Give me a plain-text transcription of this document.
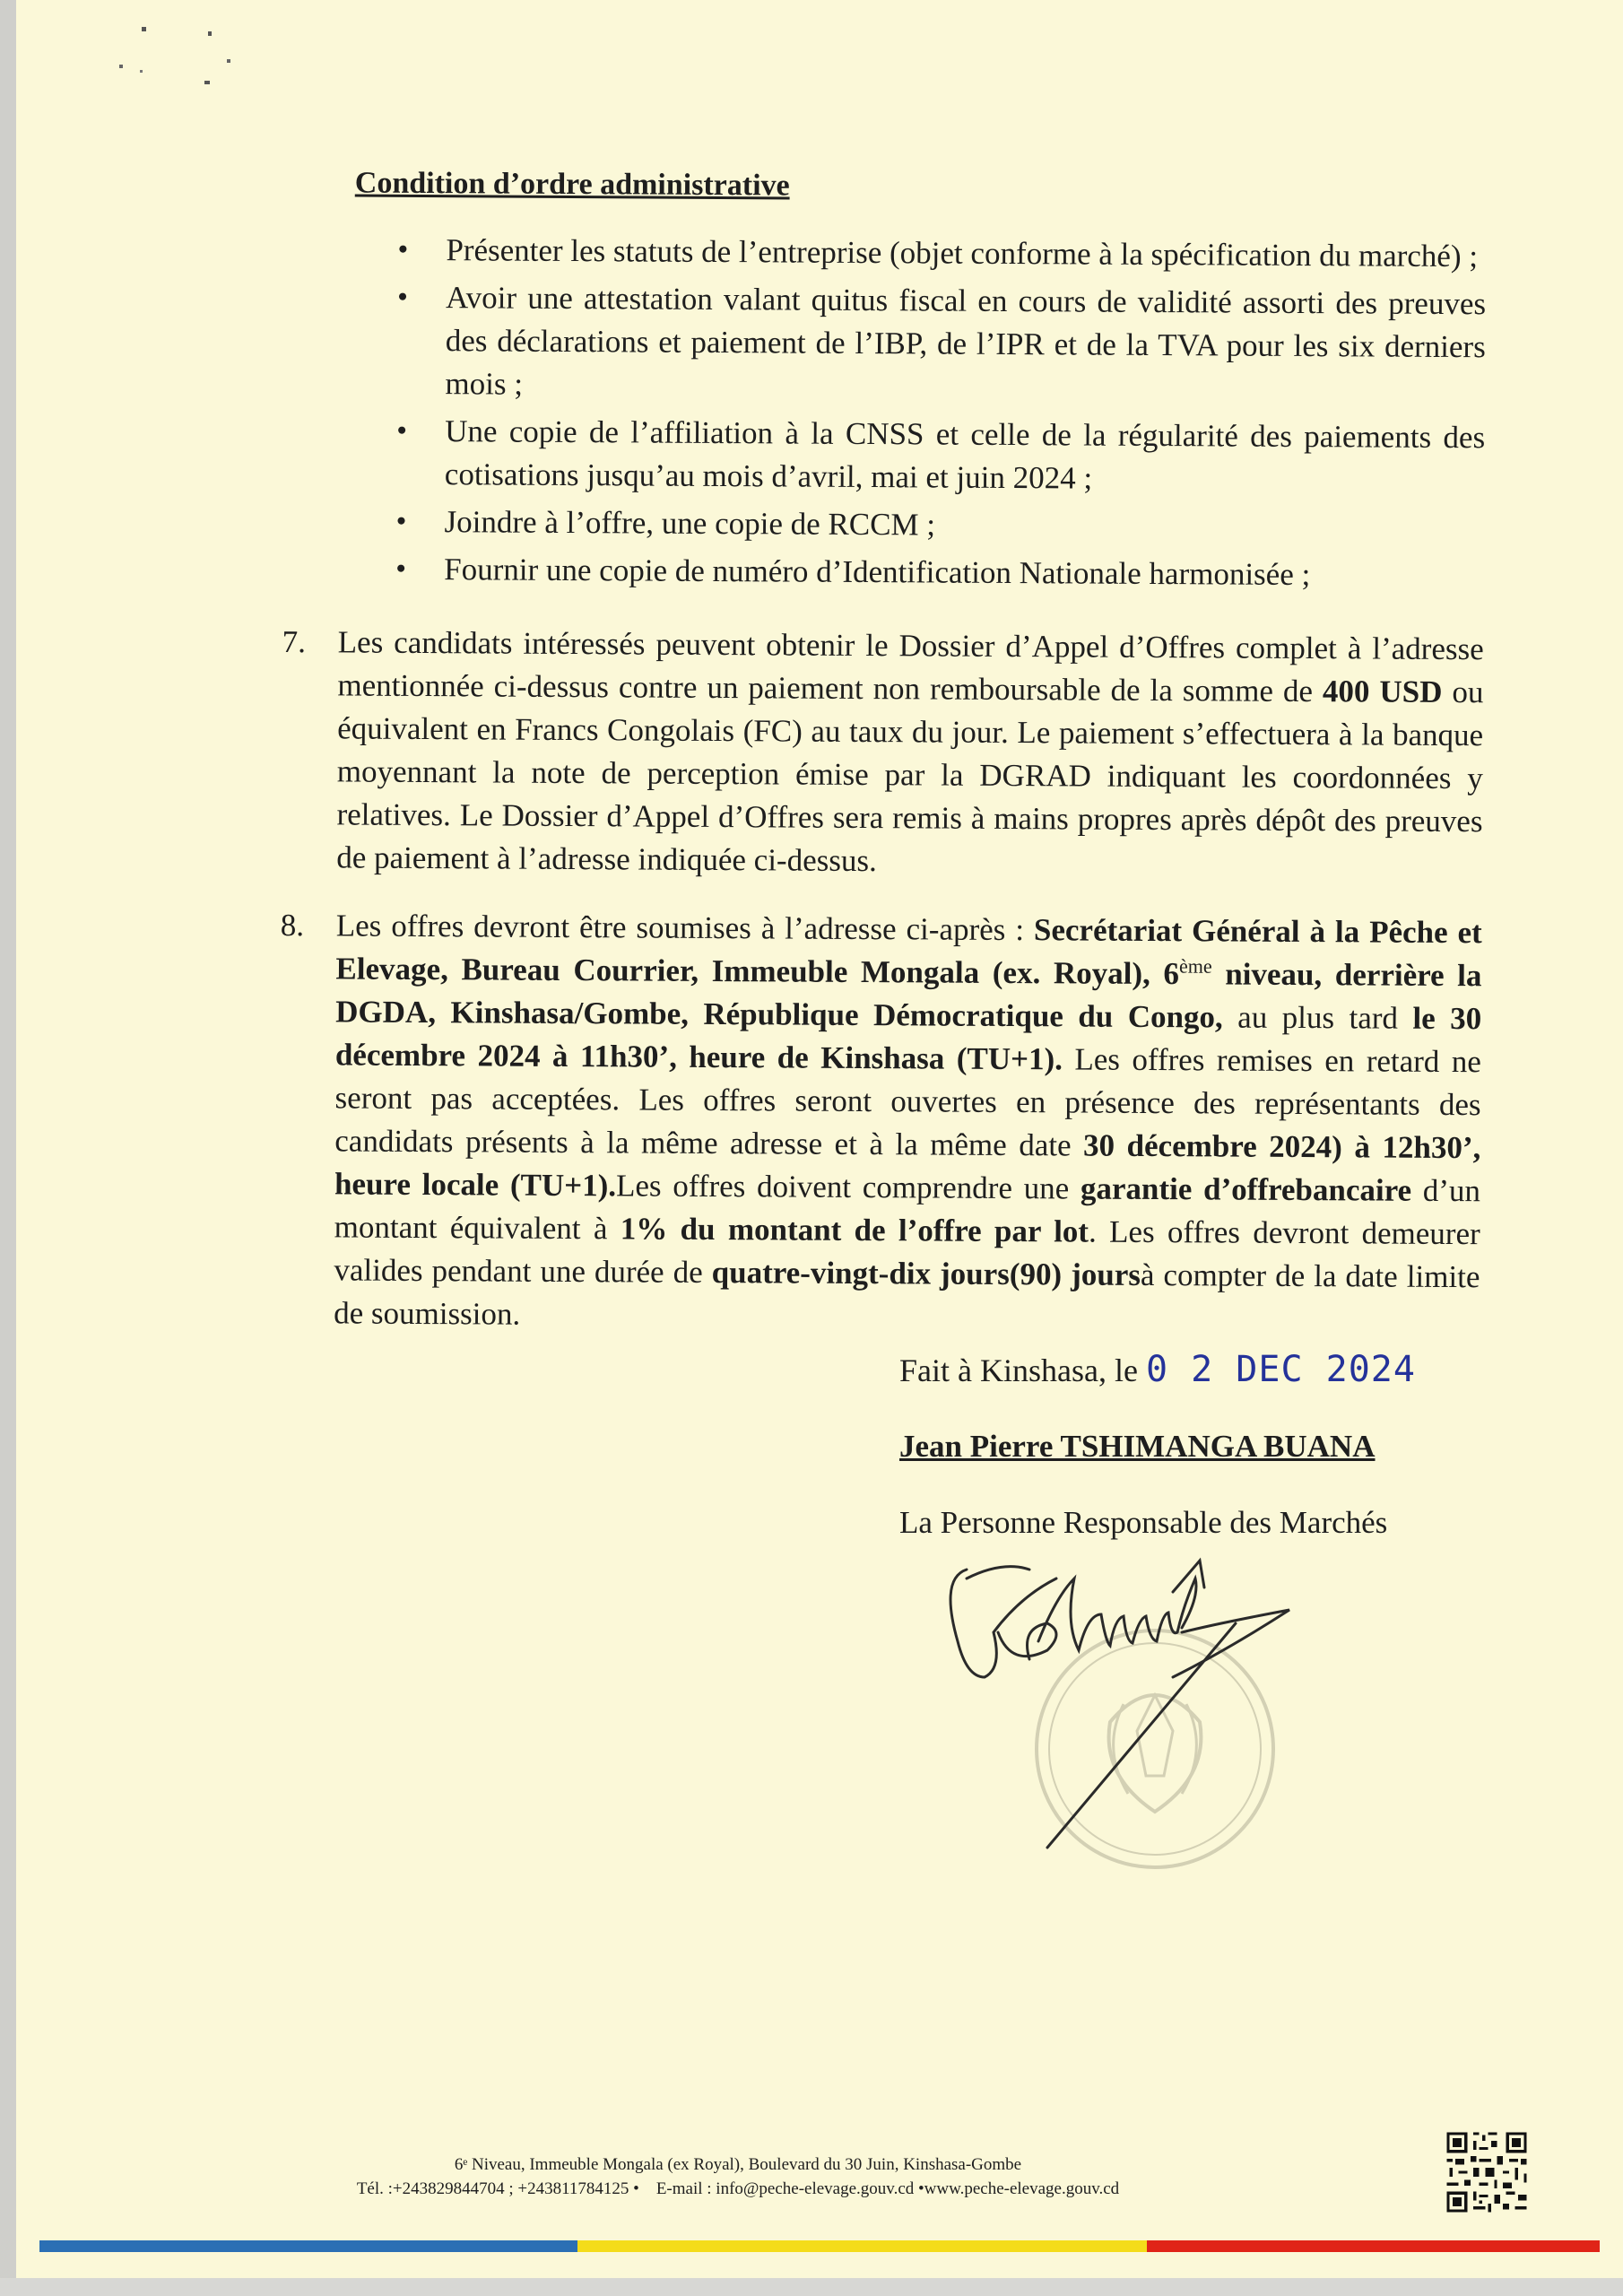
Condition d’ordre administrative
• Présenter les statuts de l’entreprise (objet conforme à la spécification du marché) ;
• Avoir une attestation valant quitus fiscal en cours de validité assorti des preuves des déclarations et paiement de l’IBP, de l’IPR et de la TVA pour les six derniers mois ;
• Une copie de l’affiliation à la CNSS et celle de la régularité des paiements des cotisations jusqu’au mois d’avril, mai et juin 2024 ;
• Joindre à l’offre, une copie de RCCM ;
• Fournir une copie de numéro d’Identification Nationale harmonisée ;
7. Les candidats intéressés peuvent obtenir le Dossier d’Appel d’Offres complet à l’adresse mentionnée ci-dessus contre un paiement non remboursable de la somme de 400 USD ou équivalent en Francs Congolais (FC) au taux du jour. Le paiement s’effectuera à la banque moyennant la note de perception émise par la DGRAD indiquant les coordonnées y relatives. Le Dossier d’Appel d’Offres sera remis à mains propres après dépôt des preuves de paiement à l’adresse indiquée ci-dessus.
8. Les offres devront être soumises à l’adresse ci-après : Secrétariat Général à la Pêche et Elevage, Bureau Courrier, Immeuble Mongala (ex. Royal), 6ème niveau, derrière la DGDA, Kinshasa/Gombe, République Démocratique du Congo, au plus tard le 30 décembre 2024 à 11h30’, heure de Kinshasa (TU+1). Les offres remises en retard ne seront pas acceptées. Les offres seront ouvertes en présence des représentants des candidats présents à la même adresse et à la même date 30 décembre 2024) à 12h30’, heure locale (TU+1).Les offres doivent comprendre une garantie d’offrebancaire d’un montant équivalent à 1% du montant de l’offre par lot. Les offres devront demeurer valides pendant une durée de quatre-vingt-dix jours(90) joursà compter de la date limite de soumission.
Fait à Kinshasa, le 0 2 DEC 2024
Jean Pierre TSHIMANGA BUANA
La Personne Responsable des Marchés
6ᵉ Niveau, Immeuble Mongala (ex Royal), Boulevard du 30 Juin, Kinshasa-Gombe
Tél. :+243829844704 ; +243811784125 •    E-mail : info@peche-elevage.gouv.cd •www.peche-elevage.gouv.cd
